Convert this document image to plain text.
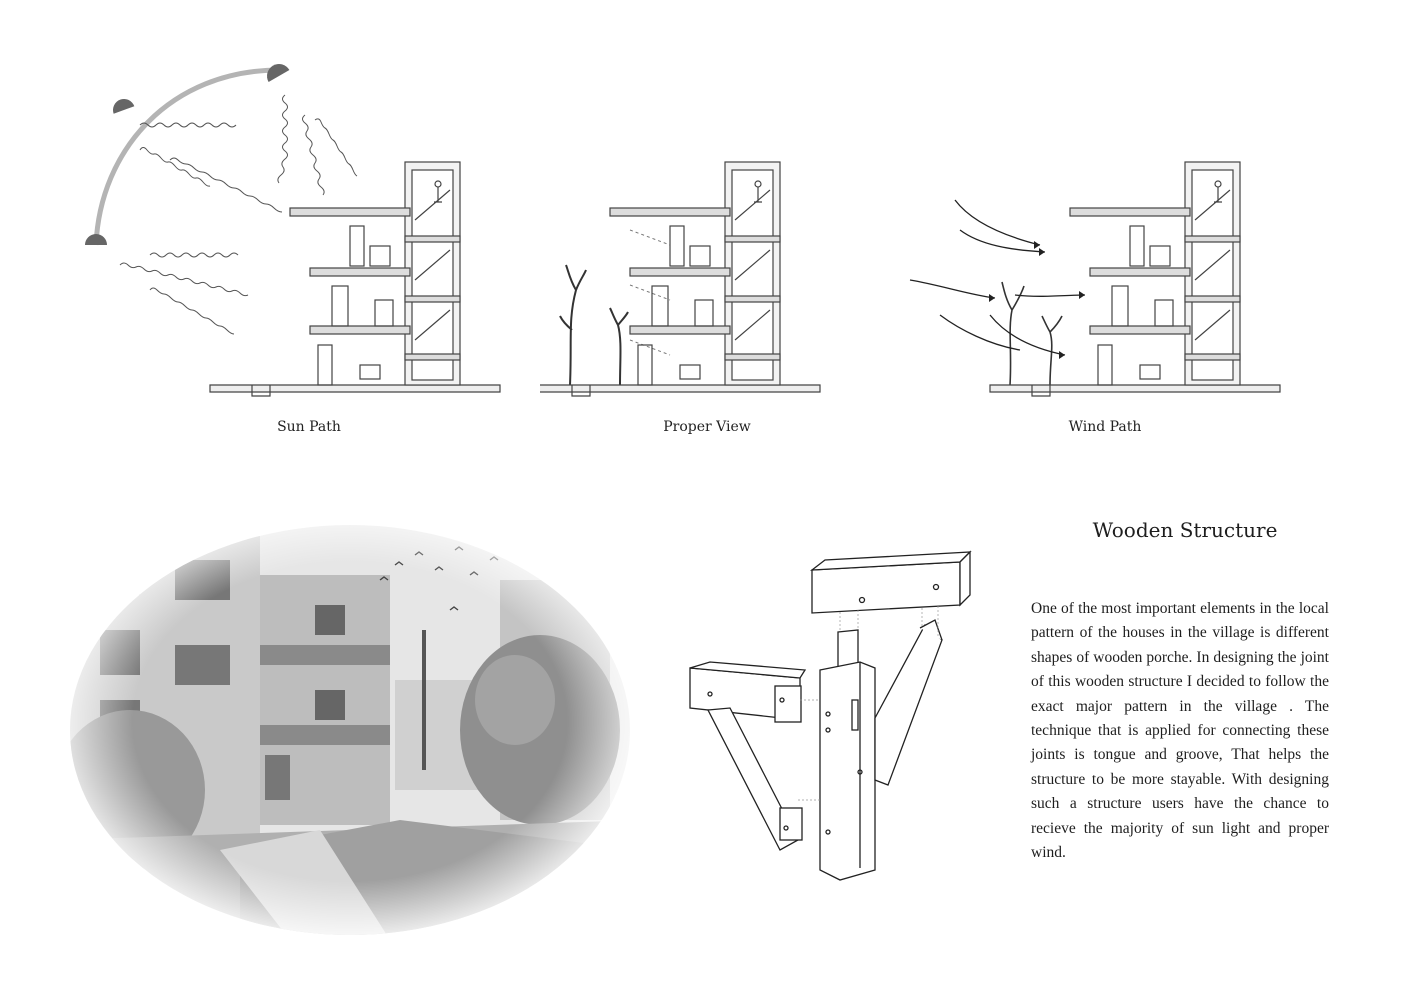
Sun Path	Proper View	Wind Path
Wooden Structure
One of the most important elements in the local pattern of the houses in the village is different shapes of wooden porche. In designing the joint of this wooden structure I decided to follow the exact major pattern in the village . The technique that is applied for connecting these joints is tongue and groove, That helps the structure to be more stayable. With designing such a structure users have the chance to recieve the majority of sun light and proper wind.
